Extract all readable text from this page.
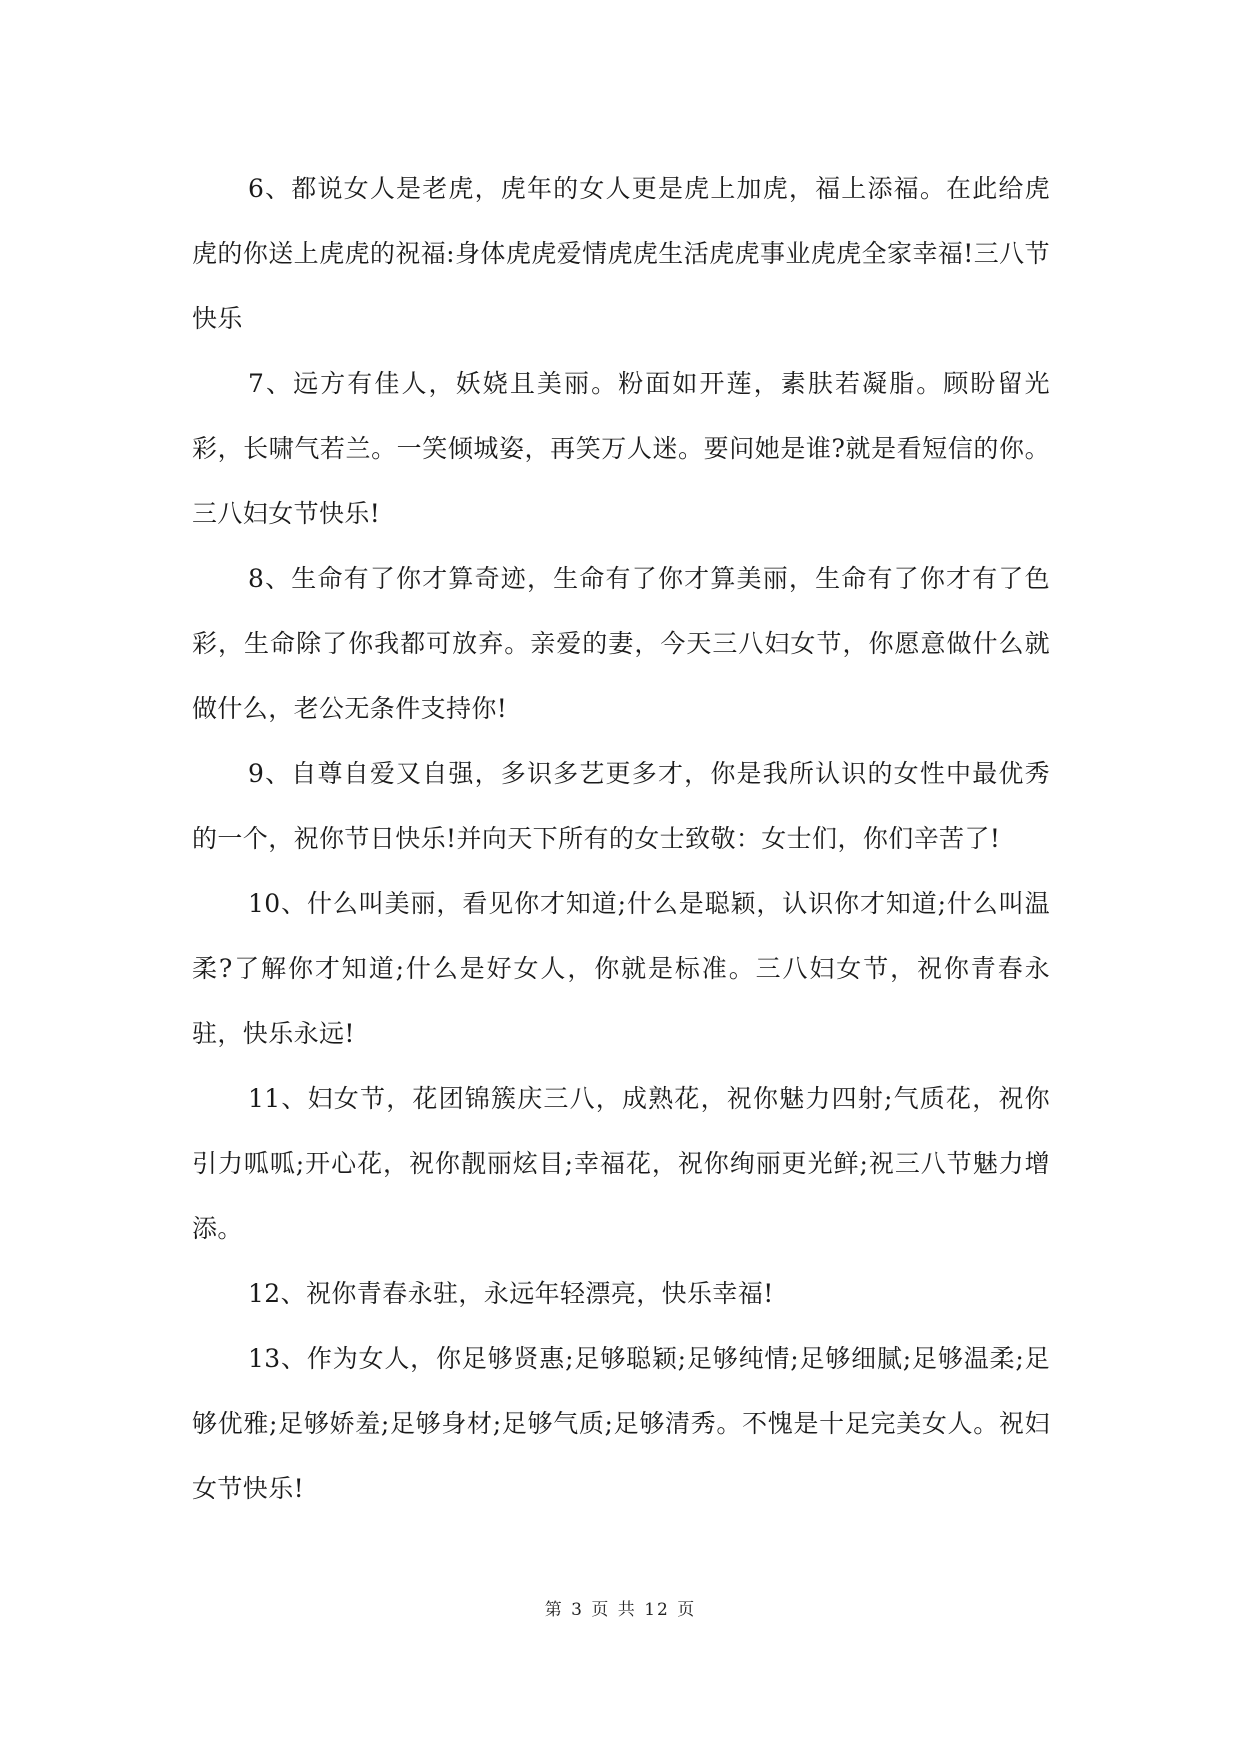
6、都说女人是老虎，虎年的女人更是虎上加虎，福上添福。在此给虎虎的你送上虎虎的祝福:身体虎虎爱情虎虎生活虎虎事业虎虎全家幸福!三八节快乐

7、远方有佳人，妖娆且美丽。粉面如开莲，素肤若凝脂。顾盼留光彩，长啸气若兰。一笑倾城姿，再笑万人迷。要问她是谁?就是看短信的你。三八妇女节快乐!

8、生命有了你才算奇迹，生命有了你才算美丽，生命有了你才有了色彩，生命除了你我都可放弃。亲爱的妻，今天三八妇女节，你愿意做什么就做什么，老公无条件支持你!

9、自尊自爱又自强，多识多艺更多才，你是我所认识的女性中最优秀的一个，祝你节日快乐!并向天下所有的女士致敬：女士们，你们辛苦了!

10、什么叫美丽，看见你才知道;什么是聪颖，认识你才知道;什么叫温柔?了解你才知道;什么是好女人，你就是标准。三八妇女节，祝你青春永驻，快乐永远!

11、妇女节，花团锦簇庆三八，成熟花，祝你魅力四射;气质花，祝你引力呱呱;开心花，祝你靓丽炫目;幸福花，祝你绚丽更光鲜;祝三八节魅力增添。

12、祝你青春永驻，永远年轻漂亮，快乐幸福!

13、作为女人，你足够贤惠;足够聪颖;足够纯情;足够细腻;足够温柔;足够优雅;足够娇羞;足够身材;足够气质;足够清秀。不愧是十足完美女人。祝妇女节快乐!

第 3 页 共 12 页
